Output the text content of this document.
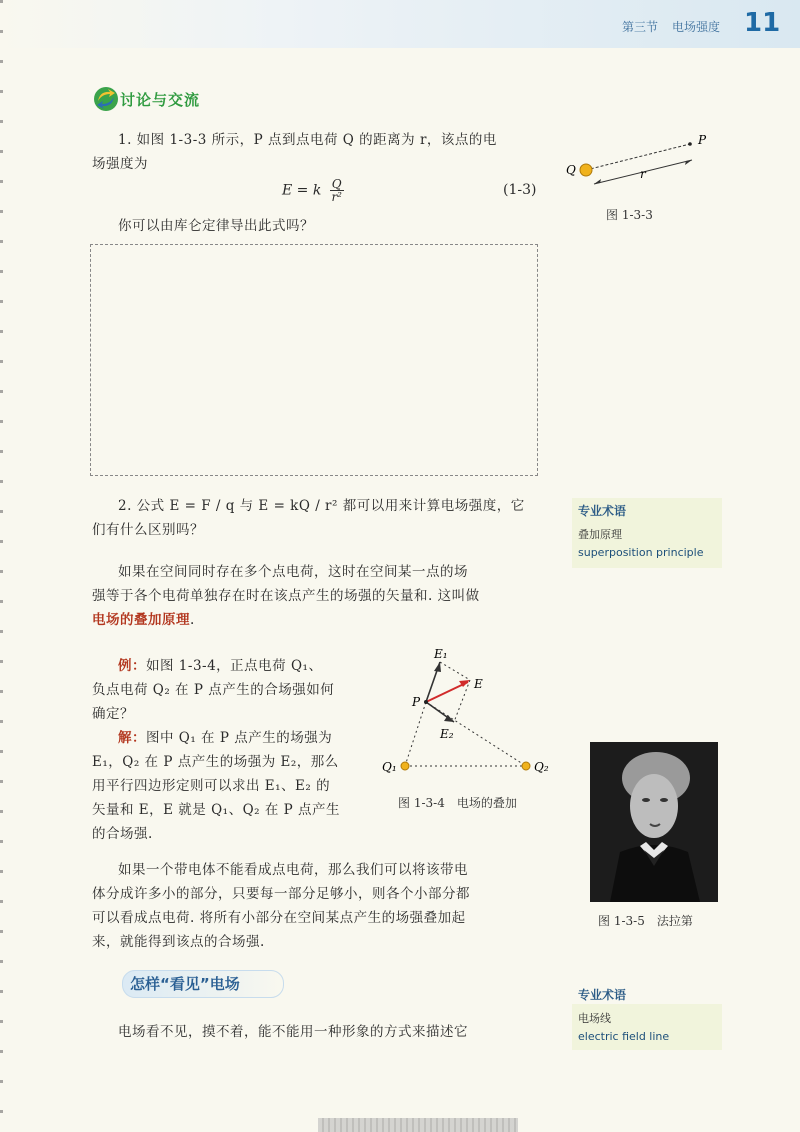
第三节 电场强度 11
讨论与交流
1. 如图 1-3-3 所示，P 点到点电荷 Q 的距离为 r，该点的电
场强度为
E = k $\frac{Q}{\text{r²}}$	(1-3)
你可以由库仑定律导出此式吗？
Q
P
r
图 1-3-3
2. 公式 E = F / q 与 E = kQ / r² 都可以用来计算电场强度，它
们有什么区别吗？
专业术语
叠加原理
superposition principle
如果在空间同时存在多个点电荷，这时在空间某一点的场
强等于各个电荷单独存在时在该点产生的场强的矢量和. 这叫做
电场的叠加原理.
例：如图 1-3-4，正点电荷 Q₁、
负点电荷 Q₂ 在 P 点产生的合场强如何
确定？
解：图中 Q₁ 在 P 点产生的场强为
E₁，Q₂ 在 P 点产生的场强为 E₂，那么
用平行四边形定则可以求出 E₁、E₂ 的
矢量和 E，E 就是 Q₁、Q₂ 在 P 点产生
的合场强.
E₁
E
P
E₂
Q₁	Q₂
图 1-3-4　电场的叠加
图 1-3-5　法拉第
如果一个带电体不能看成点电荷，那么我们可以将该带电
体分成许多小的部分，只要每一部分足够小，则各个小部分都
可以看成点电荷. 将所有小部分在空间某点产生的场强叠加起
来，就能得到该点的合场强.
怎样“看见”电场
专业术语
电场线
electric field line
电场看不见，摸不着，能不能用一种形象的方式来描述它
